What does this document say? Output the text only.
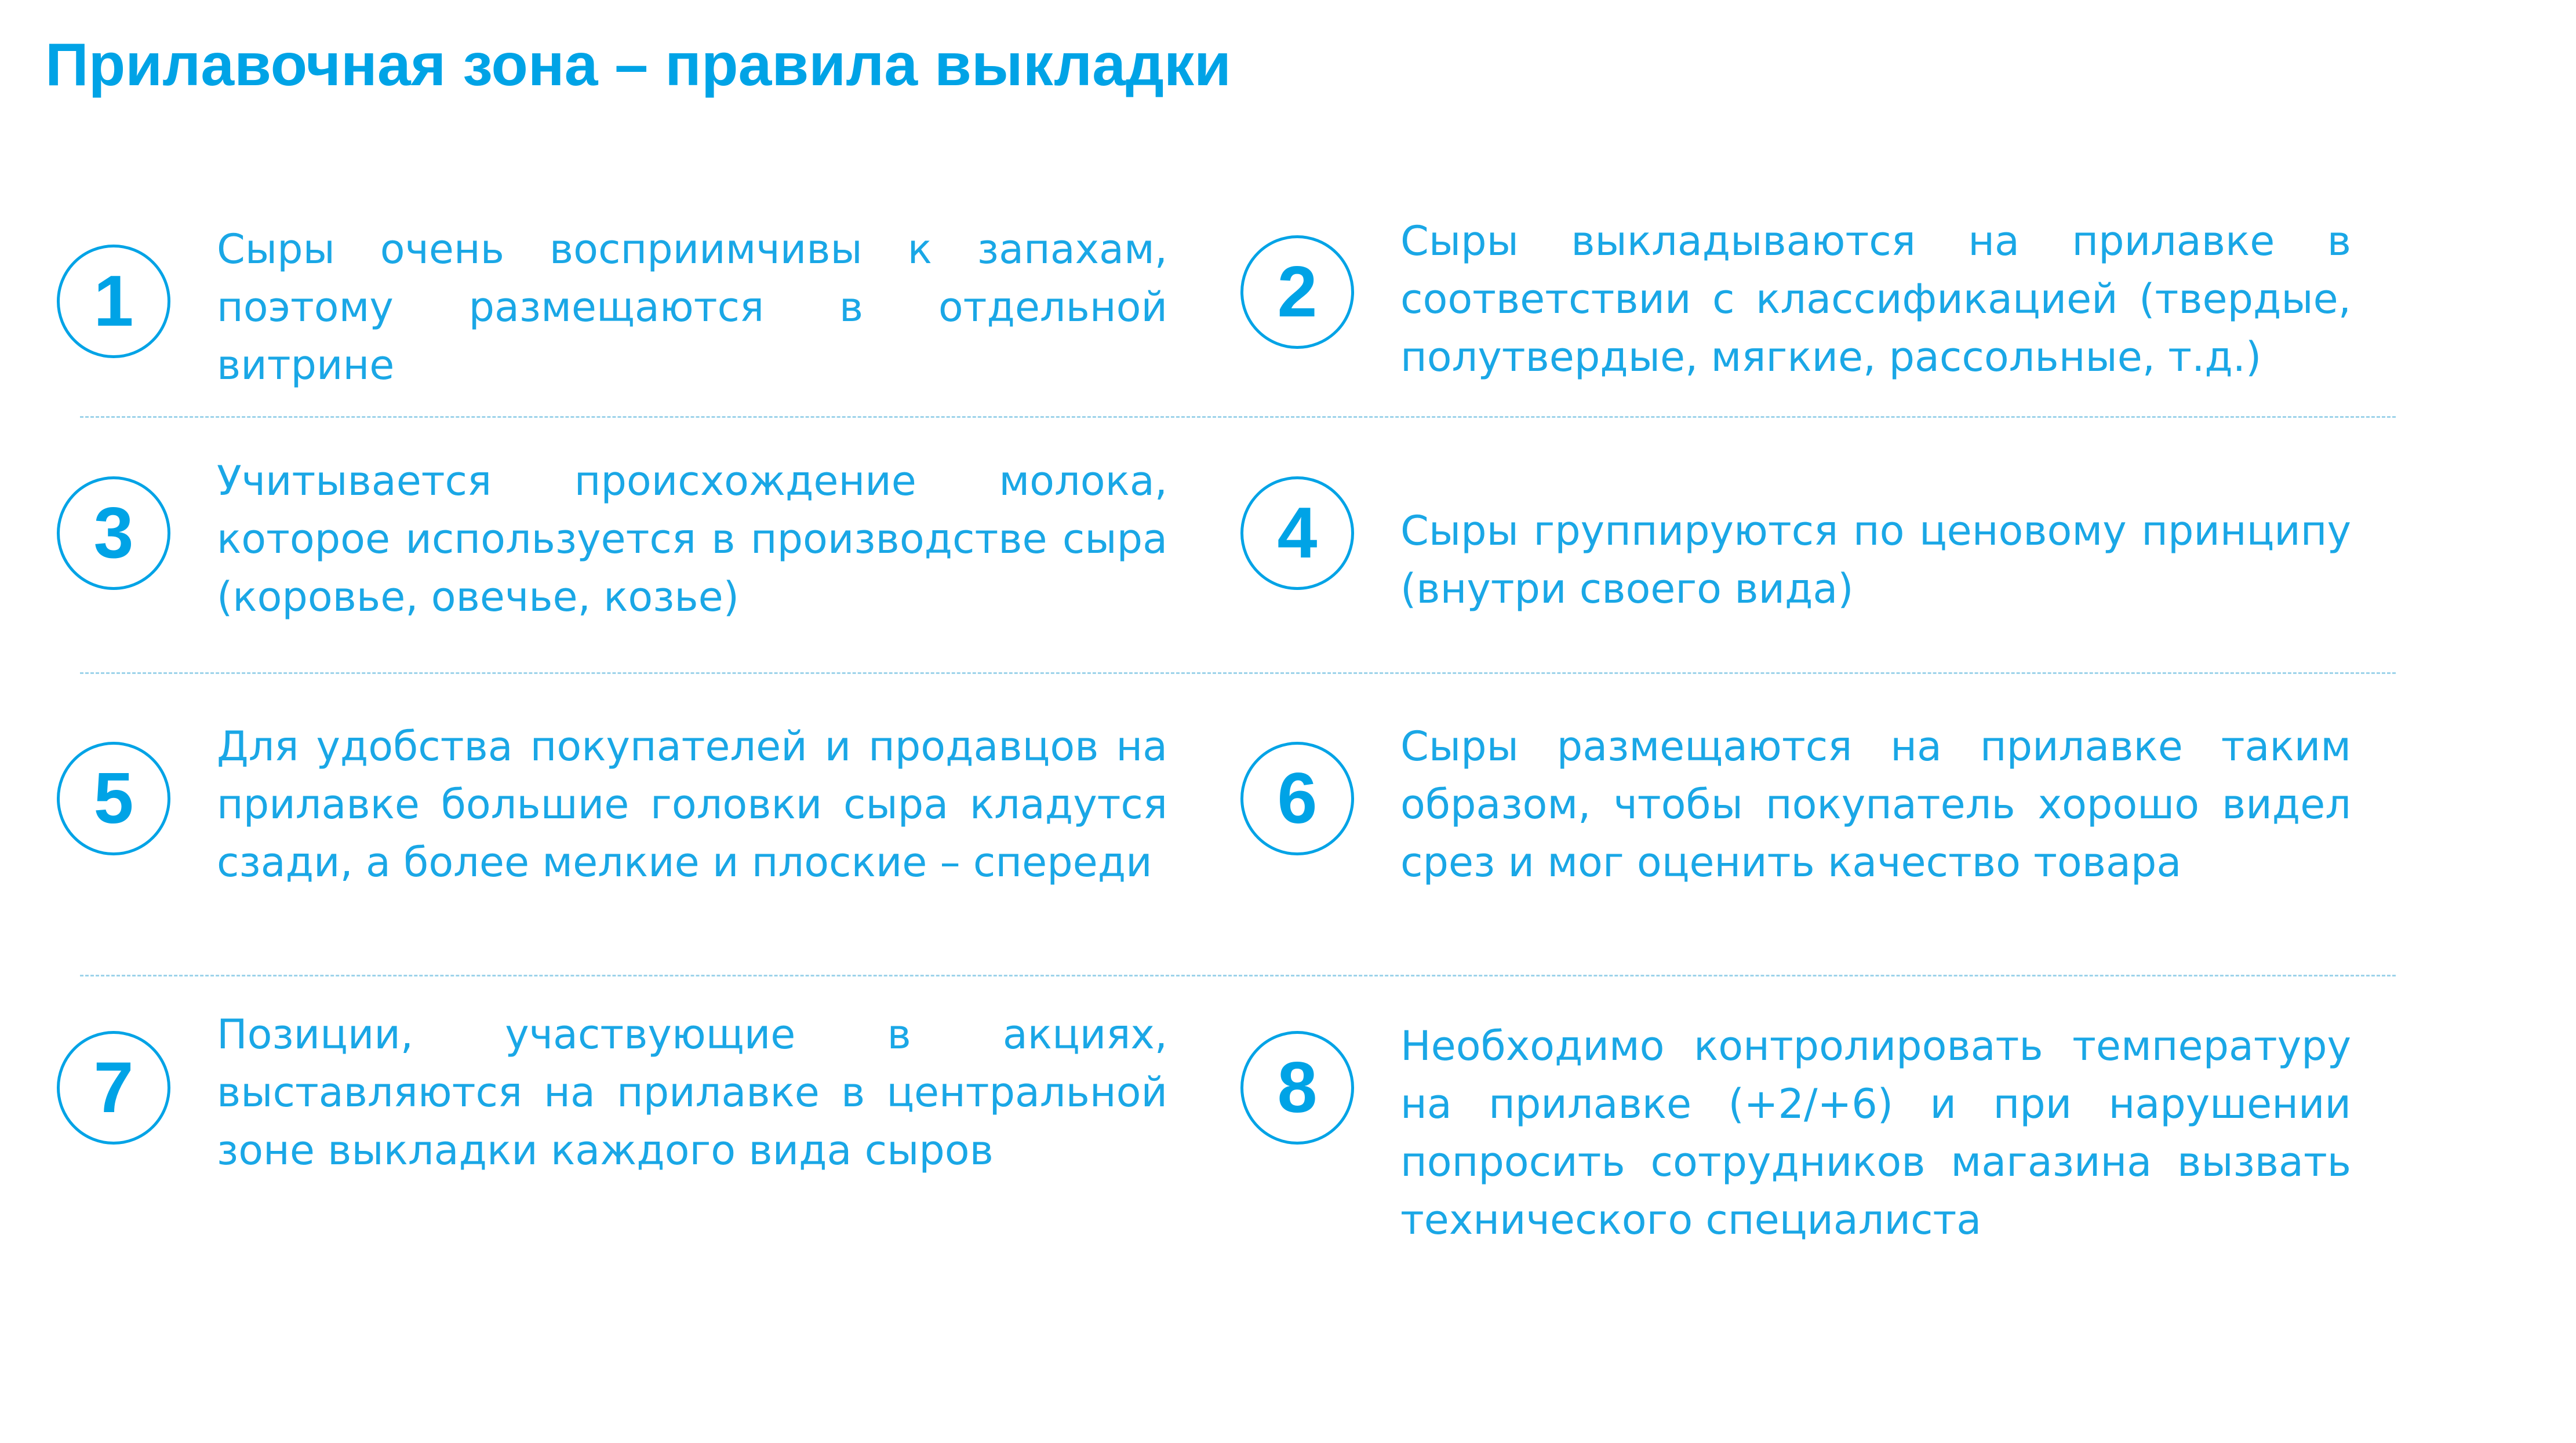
Прилавочная зона – правила выкладки
1

Сыры очень восприимчивы к запахам, поэтому размещаются в отдельной витрине

2

Сыры выкладываются на прилавке в соответствии с классификацией (твердые, полутвердые, мягкие, рассольные, т.д.)

3

Учитывается происхождение молока, которое используется в производстве сыра (коровье, овечье, козье)

4	Сыры группируются по ценовому принципу (внутри своего вида)

5

Для удобства покупателей и продавцов на прилавке большие головки сыра кладутся сзади, а более мелкие и плоские – спереди

6

Сыры размещаются на прилавке таким образом, чтобы покупатель хорошо видел срез и мог оценить качество товара

7

Позиции, участвующие в акциях, выставляются на прилавке в центральной зоне выкладки каждого вида сыров

8

Необходимо контролировать температуру на прилавке (+2/+6) и при нарушении попросить сотрудников магазина вызвать технического специалиста
